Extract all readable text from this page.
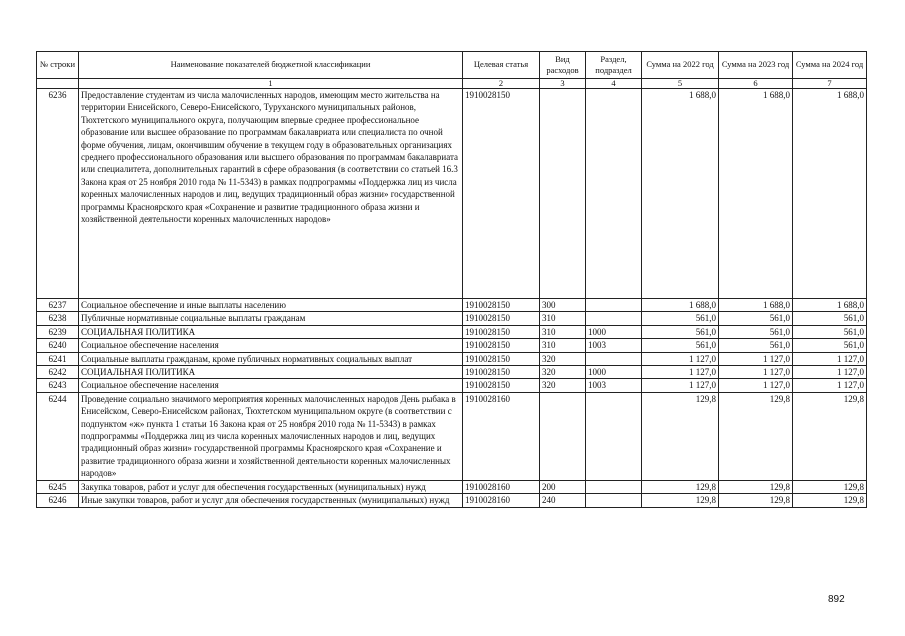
№ строки	Наименование показателей бюджетной классификации	Целевая статья	Вид расходов	Раздел, подраздел	Сумма на 2022 год	Сумма на 2023 год	Сумма на 2024 год
	1	2	3	4	5	6	7
6236	Предоставление студентам из числа малочисленных народов, имеющим место жительства на территории Енисейского, Северо-Енисейского, Туруханского муниципальных районов, Тюхтетского муниципального округа, получающим впервые среднее профессиональное образование или высшее образование по программам бакалавриата или специалиста по очной форме обучения, лицам, окончившим обучение в текущем году в образовательных организациях среднего профессионального образования или высшего образования по программам бакалавриата или специалитета, дополнительных гарантий в сфере образования (в соответствии со статьей 16.3 Закона края от 25 ноября 2010 года № 11-5343) в рамках подпрограммы «Поддержка лиц из числа коренных малочисленных народов и лиц, ведущих традиционный образ жизни» государственной программы Красноярского края «Сохранение и развитие традиционного образа жизни и хозяйственной деятельности коренных малочисленных народов»	1910028150			1 688,0	1 688,0	1 688,0
6237	Социальное обеспечение и иные выплаты населению	1910028150	300		1 688,0	1 688,0	1 688,0
6238	Публичные нормативные социальные выплаты гражданам	1910028150	310		561,0	561,0	561,0
6239	СОЦИАЛЬНАЯ ПОЛИТИКА	1910028150	310	1000	561,0	561,0	561,0
6240	Социальное обеспечение населения	1910028150	310	1003	561,0	561,0	561,0
6241	Социальные выплаты гражданам, кроме публичных нормативных социальных выплат	1910028150	320		1 127,0	1 127,0	1 127,0
6242	СОЦИАЛЬНАЯ ПОЛИТИКА	1910028150	320	1000	1 127,0	1 127,0	1 127,0
6243	Социальное обеспечение населения	1910028150	320	1003	1 127,0	1 127,0	1 127,0
6244	Проведение социально значимого мероприятия коренных малочисленных народов День рыбака в Енисейском, Северо-Енисейском районах, Тюхтетском муниципальном округе (в соответствии с подпунктом «ж» пункта 1 статьи 16 Закона края от 25 ноября 2010 года № 11-5343) в рамках подпрограммы «Поддержка лиц из числа коренных малочисленных народов и лиц, ведущих традиционный образ жизни» государственной программы Красноярского края «Сохранение и развитие традиционного образа жизни и хозяйственной деятельности коренных малочисленных народов»	1910028160			129,8	129,8	129,8
6245	Закупка товаров, работ и услуг для обеспечения государственных (муниципальных) нужд	1910028160	200		129,8	129,8	129,8
6246	Иные закупки товаров, работ и услуг для обеспечения государственных (муниципальных) нужд	1910028160	240		129,8	129,8	129,8
892
